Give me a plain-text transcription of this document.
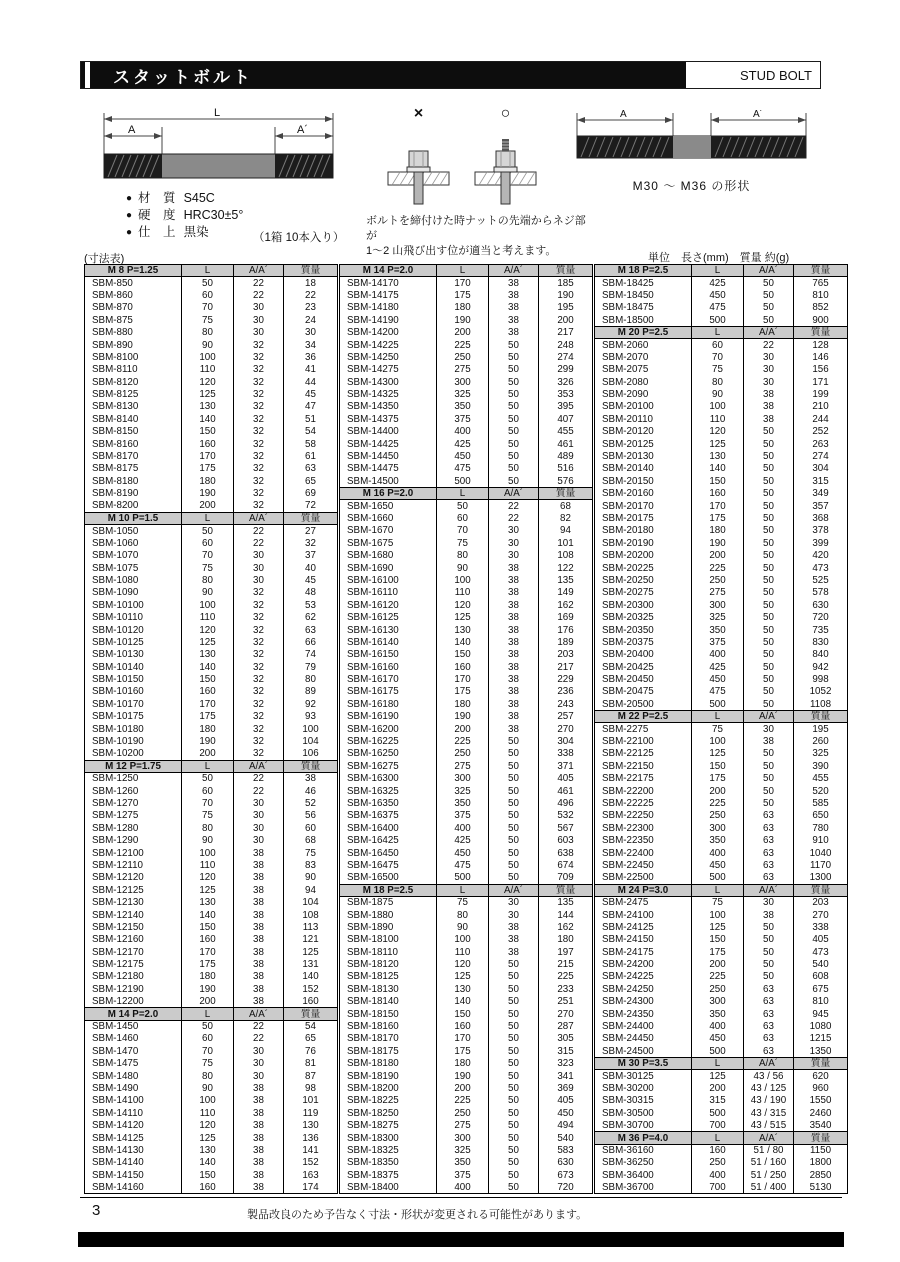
スタットボルト	STUD BOLT
L
A	A´
×	○
ボルトを締付けた時ナットの先端からネジ部が
1〜2 山飛び出す位が適当と考えます。
A	A´
M30 〜 M36 の形状
● 材　質 S45C
● 硬　度 HRC30±5°
● 仕　上 黒染	（1箱 10本入り）
(寸法表)	単位　長さ(mm)　質量 約(g)
M 8 P=1.25	L	A/A´	質量
SBM-850	50	22	18
SBM-860	60	22	22
SBM-870	70	30	23
SBM-875	75	30	24
SBM-880	80	30	30
SBM-890	90	32	34
SBM-8100	100	32	36
SBM-8110	110	32	41
SBM-8120	120	32	44
SBM-8125	125	32	45
SBM-8130	130	32	47
SBM-8140	140	32	51
SBM-8150	150	32	54
SBM-8160	160	32	58
SBM-8170	170	32	61
SBM-8175	175	32	63
SBM-8180	180	32	65
SBM-8190	190	32	69
SBM-8200	200	32	72
M 10 P=1.5	L	A/A´	質量
SBM-1050	50	22	27
SBM-1060	60	22	32
SBM-1070	70	30	37
SBM-1075	75	30	40
SBM-1080	80	30	45
SBM-1090	90	32	48
SBM-10100	100	32	53
SBM-10110	110	32	62
SBM-10120	120	32	63
SBM-10125	125	32	66
SBM-10130	130	32	74
SBM-10140	140	32	79
SBM-10150	150	32	80
SBM-10160	160	32	89
SBM-10170	170	32	92
SBM-10175	175	32	93
SBM-10180	180	32	100
SBM-10190	190	32	104
SBM-10200	200	32	106
M 12 P=1.75	L	A/A´	質量
SBM-1250	50	22	38
SBM-1260	60	22	46
SBM-1270	70	30	52
SBM-1275	75	30	56
SBM-1280	80	30	60
SBM-1290	90	30	68
SBM-12100	100	38	75
SBM-12110	110	38	83
SBM-12120	120	38	90
SBM-12125	125	38	94
SBM-12130	130	38	104
SBM-12140	140	38	108
SBM-12150	150	38	113
SBM-12160	160	38	121
SBM-12170	170	38	125
SBM-12175	175	38	131
SBM-12180	180	38	140
SBM-12190	190	38	152
SBM-12200	200	38	160
M 14 P=2.0	L	A/A´	質量
SBM-1450	50	22	54
SBM-1460	60	22	65
SBM-1470	70	30	76
SBM-1475	75	30	81
SBM-1480	80	30	87
SBM-1490	90	38	98
SBM-14100	100	38	101
SBM-14110	110	38	119
SBM-14120	120	38	130
SBM-14125	125	38	136
SBM-14130	130	38	141
SBM-14140	140	38	152
SBM-14150	150	38	163
SBM-14160	160	38	174
M 14 P=2.0	L	A/A´	質量
SBM-14170	170	38	185
SBM-14175	175	38	190
SBM-14180	180	38	195
SBM-14190	190	38	200
SBM-14200	200	38	217
SBM-14225	225	50	248
SBM-14250	250	50	274
SBM-14275	275	50	299
SBM-14300	300	50	326
SBM-14325	325	50	353
SBM-14350	350	50	395
SBM-14375	375	50	407
SBM-14400	400	50	455
SBM-14425	425	50	461
SBM-14450	450	50	489
SBM-14475	475	50	516
SBM-14500	500	50	576
M 16 P=2.0	L	A/A´	質量
SBM-1650	50	22	68
SBM-1660	60	22	82
SBM-1670	70	30	94
SBM-1675	75	30	101
SBM-1680	80	30	108
SBM-1690	90	38	122
SBM-16100	100	38	135
SBM-16110	110	38	149
SBM-16120	120	38	162
SBM-16125	125	38	169
SBM-16130	130	38	176
SBM-16140	140	38	189
SBM-16150	150	38	203
SBM-16160	160	38	217
SBM-16170	170	38	229
SBM-16175	175	38	236
SBM-16180	180	38	243
SBM-16190	190	38	257
SBM-16200	200	38	270
SBM-16225	225	50	304
SBM-16250	250	50	338
SBM-16275	275	50	371
SBM-16300	300	50	405
SBM-16325	325	50	461
SBM-16350	350	50	496
SBM-16375	375	50	532
SBM-16400	400	50	567
SBM-16425	425	50	603
SBM-16450	450	50	638
SBM-16475	475	50	674
SBM-16500	500	50	709
M 18 P=2.5	L	A/A´	質量
SBM-1875	75	30	135
SBM-1880	80	30	144
SBM-1890	90	38	162
SBM-18100	100	38	180
SBM-18110	110	38	197
SBM-18120	120	50	215
SBM-18125	125	50	225
SBM-18130	130	50	233
SBM-18140	140	50	251
SBM-18150	150	50	270
SBM-18160	160	50	287
SBM-18170	170	50	305
SBM-18175	175	50	315
SBM-18180	180	50	323
SBM-18190	190	50	341
SBM-18200	200	50	369
SBM-18225	225	50	405
SBM-18250	250	50	450
SBM-18275	275	50	494
SBM-18300	300	50	540
SBM-18325	325	50	583
SBM-18350	350	50	630
SBM-18375	375	50	673
SBM-18400	400	50	720
M 18 P=2.5	L	A/A´	質量
SBM-18425	425	50	765
SBM-18450	450	50	810
SBM-18475	475	50	852
SBM-18500	500	50	900
M 20 P=2.5	L	A/A´	質量
SBM-2060	60	22	128
SBM-2070	70	30	146
SBM-2075	75	30	156
SBM-2080	80	30	171
SBM-2090	90	38	199
SBM-20100	100	38	210
SBM-20110	110	38	244
SBM-20120	120	50	252
SBM-20125	125	50	263
SBM-20130	130	50	274
SBM-20140	140	50	304
SBM-20150	150	50	315
SBM-20160	160	50	349
SBM-20170	170	50	357
SBM-20175	175	50	368
SBM-20180	180	50	378
SBM-20190	190	50	399
SBM-20200	200	50	420
SBM-20225	225	50	473
SBM-20250	250	50	525
SBM-20275	275	50	578
SBM-20300	300	50	630
SBM-20325	325	50	720
SBM-20350	350	50	735
SBM-20375	375	50	830
SBM-20400	400	50	840
SBM-20425	425	50	942
SBM-20450	450	50	998
SBM-20475	475	50	1052
SBM-20500	500	50	1108
M 22 P=2.5	L	A/A´	質量
SBM-2275	75	30	195
SBM-22100	100	38	260
SBM-22125	125	50	325
SBM-22150	150	50	390
SBM-22175	175	50	455
SBM-22200	200	50	520
SBM-22225	225	50	585
SBM-22250	250	63	650
SBM-22300	300	63	780
SBM-22350	350	63	910
SBM-22400	400	63	1040
SBM-22450	450	63	1170
SBM-22500	500	63	1300
M 24 P=3.0	L	A/A´	質量
SBM-2475	75	30	203
SBM-24100	100	38	270
SBM-24125	125	50	338
SBM-24150	150	50	405
SBM-24175	175	50	473
SBM-24200	200	50	540
SBM-24225	225	50	608
SBM-24250	250	63	675
SBM-24300	300	63	810
SBM-24350	350	63	945
SBM-24400	400	63	1080
SBM-24450	450	63	1215
SBM-24500	500	63	1350
M 30 P=3.5	L	A/A´	質量
SBM-30125	125	43 / 56	620
SBM-30200	200	43 / 125	960
SBM-30315	315	43 / 190	1550
SBM-30500	500	43 / 315	2460
SBM-30700	700	43 / 515	3540
M 36 P=4.0	L	A/A´	質量
SBM-36160	160	51 / 80	1150
SBM-36250	250	51 / 160	1800
SBM-36400	400	51 / 250	2850
SBM-36700	700	51 / 400	5130
3	製品改良のため予告なく寸法・形状が変更される可能性があります。
